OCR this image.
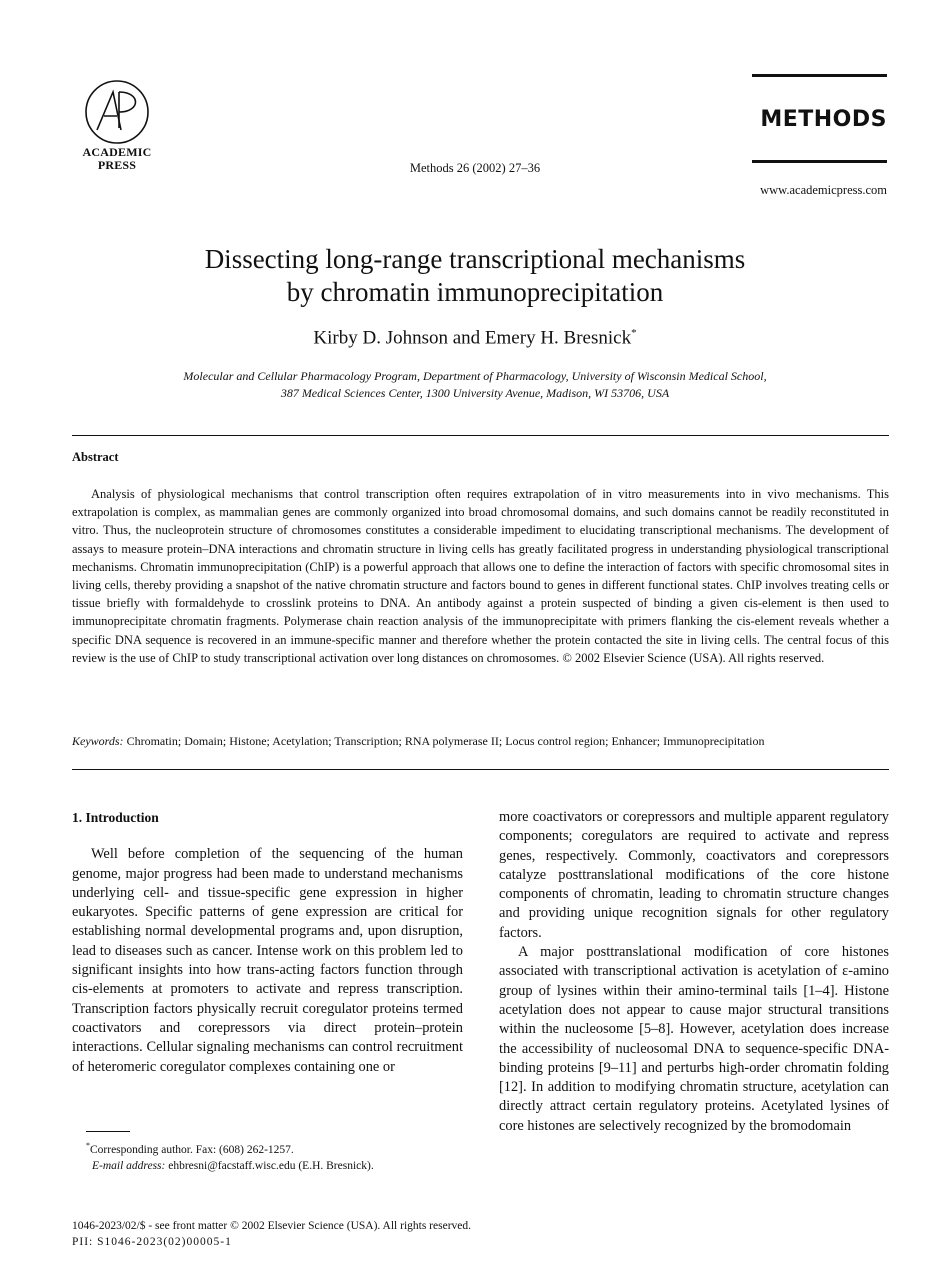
ACADEMIC
PRESS	Methods 26 (2002) 27–36
METHODS
www.academicpress.com
Dissecting long-range transcriptional mechanisms
by chromatin immunoprecipitation
Kirby D. Johnson and Emery H. Bresnick*
Molecular and Cellular Pharmacology Program, Department of Pharmacology, University of Wisconsin Medical School,
387 Medical Sciences Center, 1300 University Avenue, Madison, WI 53706, USA
Abstract
Analysis of physiological mechanisms that control transcription often requires extrapolation of in vitro measurements into in vivo mechanisms. This extrapolation is complex, as mammalian genes are commonly organized into broad chromosomal domains, and such domains cannot be readily reconstituted in vitro. Thus, the nucleoprotein structure of chromosomes constitutes a considerable impediment to elucidating transcriptional mechanisms. The development of assays to measure protein–DNA interactions and chromatin structure in living cells has greatly facilitated progress in understanding physiological transcriptional mechanisms. Chromatin immunoprecipitation (ChIP) is a powerful approach that allows one to define the interaction of factors with specific chromosomal sites in living cells, thereby providing a snapshot of the native chromatin structure and factors bound to genes in different functional states. ChIP involves treating cells or tissue briefly with formaldehyde to crosslink proteins to DNA. An antibody against a protein suspected of binding a given cis-element is then used to immunoprecipitate chromatin fragments. Polymerase chain reaction analysis of the immunoprecipitate with primers flanking the cis-element reveals whether a specific DNA sequence is recovered in an immune-specific manner and therefore whether the protein contacted the site in living cells. The central focus of this review is the use of ChIP to study transcriptional activation over long distances on chromosomes. © 2002 Elsevier Science (USA). All rights reserved.
Keywords: Chromatin; Domain; Histone; Acetylation; Transcription; RNA polymerase II; Locus control region; Enhancer; Immunoprecipitation
1. Introduction

Well before completion of the sequencing of the human genome, major progress had been made to understand mechanisms underlying cell- and tissue-specific gene expression in higher eukaryotes. Specific patterns of gene expression are critical for establishing normal developmental programs and, upon disruption, lead to diseases such as cancer. Intense work on this problem led to significant insights into how trans-acting factors function through cis-elements at promoters to activate and repress transcription. Transcription factors physically recruit coregulator proteins termed coactivators and corepressors via direct protein–protein interactions. Cellular signaling mechanisms can control recruitment of heteromeric coregulator complexes containing one or

more coactivators or corepressors and multiple apparent regulatory components; coregulators are required to activate and repress genes, respectively. Commonly, coactivators and corepressors catalyze posttranslational modifications of the core histone components of chromatin, leading to chromatin structure changes and providing unique recognition signals for other regulatory factors.

A major posttranslational modification of core histones associated with transcriptional activation is acetylation of ε-amino group of lysines within their amino-terminal tails [1–4]. Histone acetylation does not appear to cause major structural transitions within the nucleosome [5–8]. However, acetylation does increase the accessibility of nucleosomal DNA to sequence-specific DNA-binding proteins [9–11] and perturbs high-order chromatin folding [12]. In addition to modifying chromatin structure, acetylation can directly attract certain regulatory proteins. Acetylated lysines of core histones are selectively recognized by the bromodomain

*Corresponding author. Fax: (608) 262-1257.
E-mail address: ehbresni@facstaff.wisc.edu (E.H. Bresnick).
1046-2023/02/$ - see front matter © 2002 Elsevier Science (USA). All rights reserved.
PII: S1046-2023(02)00005-1
